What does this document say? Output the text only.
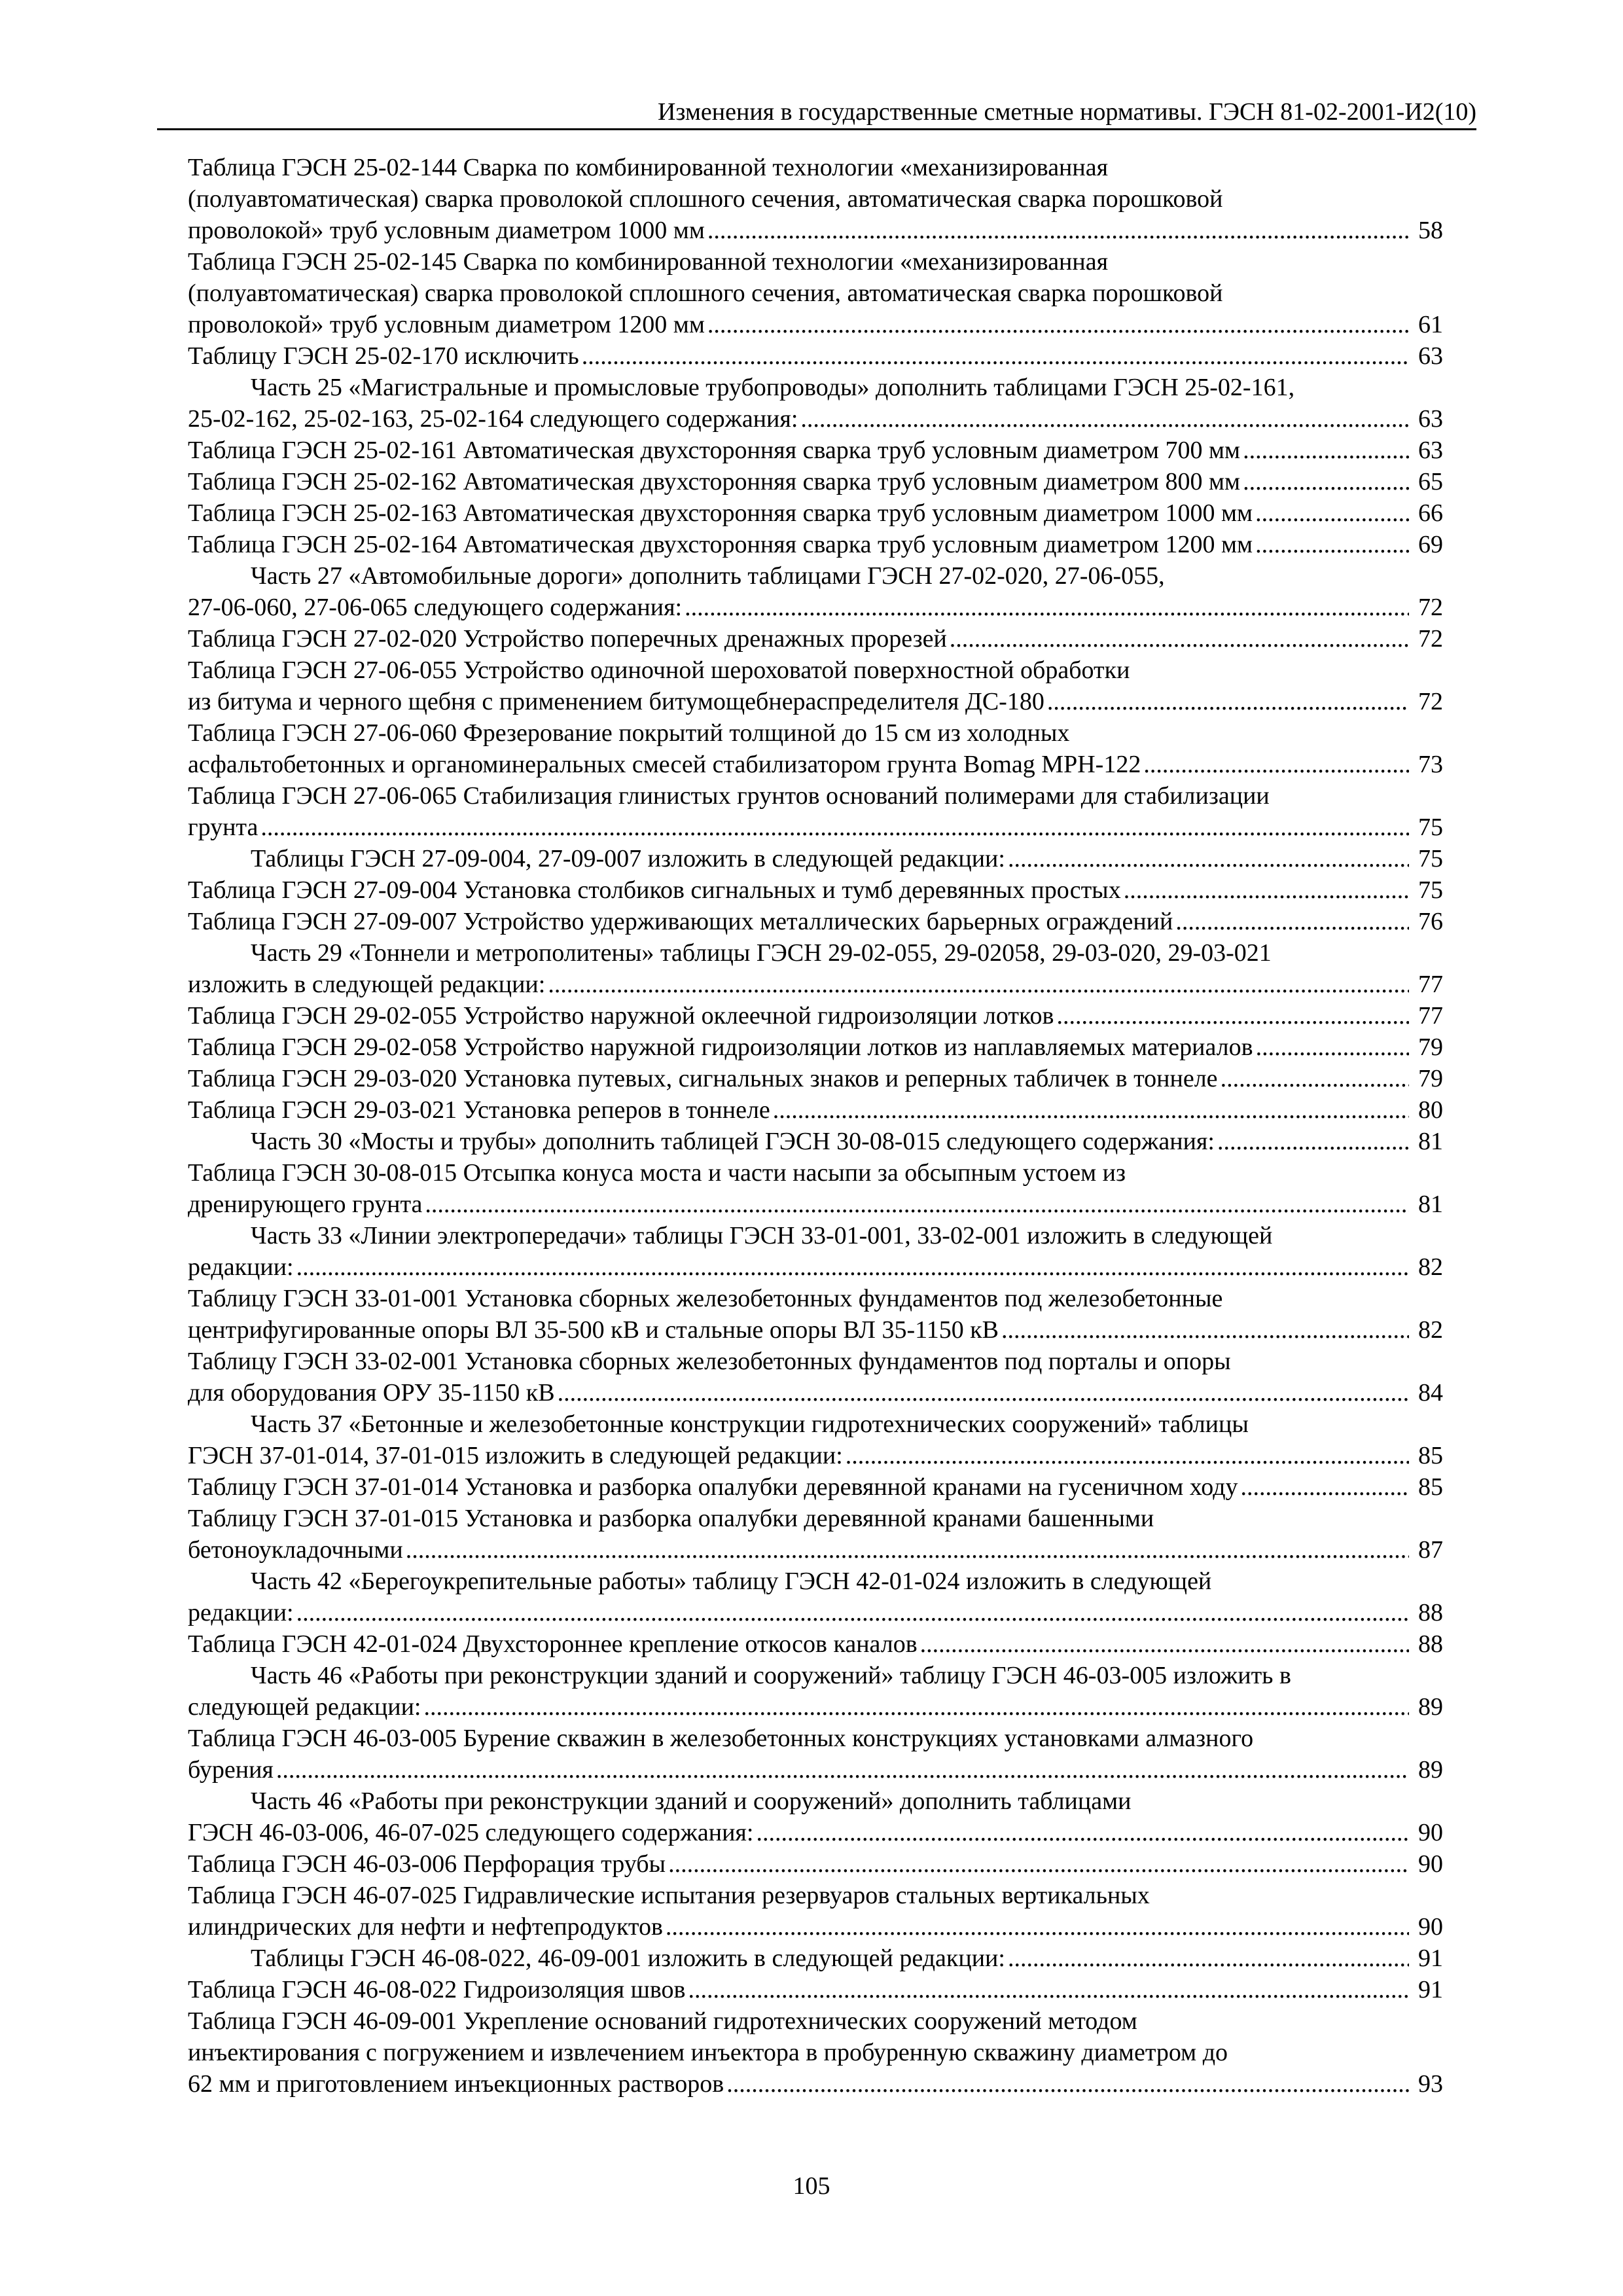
Изменения в государственные сметные нормативы. ГЭСН 81-02-2001-И2(10)
Таблица ГЭСН 25-02-144 Сварка по комбинированной технологии «механизированная
(полуавтоматическая) сварка проволокой сплошного сечения, автоматическая сварка порошковой
проволокой» труб условным диаметром 1000 мм .....	58
Таблица ГЭСН 25-02-145 Сварка по комбинированной технологии «механизированная
(полуавтоматическая) сварка проволокой сплошного сечения, автоматическая сварка порошковой
проволокой» труб условным диаметром 1200 мм .....	61
Таблицу ГЭСН 25-02-170 исключить .....	63
Часть 25 «Магистральные и промысловые трубопроводы» дополнить таблицами ГЭСН 25-02-161,
25-02-162, 25-02-163, 25-02-164 следующего содержания: .....	63
Таблица ГЭСН 25-02-161 Автоматическая двухсторонняя сварка труб условным диаметром 700 мм .....	63
Таблица ГЭСН 25-02-162 Автоматическая двухсторонняя сварка труб условным диаметром 800 мм .....	65
Таблица ГЭСН 25-02-163 Автоматическая двухсторонняя сварка труб условным диаметром 1000 мм .....	66
Таблица ГЭСН 25-02-164 Автоматическая двухсторонняя сварка труб условным диаметром 1200 мм .....	69
Часть 27 «Автомобильные дороги» дополнить таблицами ГЭСН 27-02-020, 27-06-055,
27-06-060, 27-06-065 следующего содержания: .....	72
Таблица ГЭСН 27-02-020 Устройство поперечных дренажных прорезей .....	72
Таблица ГЭСН 27-06-055 Устройство одиночной шероховатой поверхностной обработки
из битума и черного щебня с применением битумощебнераспределителя ДС-180 .....	72
Таблица ГЭСН 27-06-060 Фрезерование покрытий толщиной до 15 см из холодных
асфальтобетонных и органоминеральных смесей стабилизатором грунта Bomag MPH-122 .....	73
Таблица ГЭСН 27-06-065 Стабилизация глинистых грунтов оснований полимерами для стабилизации
грунта .....	75
Таблицы ГЭСН 27-09-004, 27-09-007 изложить в следующей редакции: .....	75
Таблица ГЭСН 27-09-004 Установка столбиков сигнальных и тумб деревянных простых .....	75
Таблица ГЭСН 27-09-007 Устройство удерживающих металлических барьерных ограждений .....	76
Часть 29 «Тоннели и метрополитены» таблицы ГЭСН 29-02-055, 29-02058, 29-03-020, 29-03-021
изложить в следующей редакции: .....	77
Таблица ГЭСН 29-02-055 Устройство наружной оклеечной гидроизоляции лотков .....	77
Таблица ГЭСН 29-02-058 Устройство наружной гидроизоляции лотков из наплавляемых материалов .....	79
Таблица ГЭСН 29-03-020 Установка путевых, сигнальных знаков и реперных табличек в тоннеле .....	79
Таблица ГЭСН 29-03-021 Установка реперов в тоннеле .....	80
Часть 30 «Мосты и трубы» дополнить таблицей ГЭСН 30-08-015 следующего содержания: .....	81
Таблица ГЭСН 30-08-015 Отсыпка конуса моста и части насыпи за обсыпным устоем из
дренирующего грунта .....	81
Часть 33 «Линии электропередачи» таблицы ГЭСН 33-01-001, 33-02-001 изложить в следующей
редакции: .....	82
Таблицу ГЭСН 33-01-001 Установка сборных железобетонных фундаментов под железобетонные
центрифугированные опоры ВЛ 35-500 кВ и стальные опоры ВЛ 35-1150 кВ .....	82
Таблицу ГЭСН 33-02-001 Установка сборных железобетонных фундаментов под порталы и опоры
для оборудования ОРУ 35-1150 кВ .....	84
Часть 37 «Бетонные и железобетонные конструкции гидротехнических сооружений» таблицы
ГЭСН 37-01-014, 37-01-015 изложить в следующей редакции: .....	85
Таблицу ГЭСН 37-01-014 Установка и разборка опалубки деревянной кранами на гусеничном ходу .....	85
Таблицу ГЭСН 37-01-015 Установка и разборка опалубки деревянной кранами башенными
бетоноукладочными .....	87
Часть 42 «Берегоукрепительные работы» таблицу ГЭСН 42-01-024 изложить в следующей
редакции: .....	88
Таблица ГЭСН 42-01-024 Двухстороннее крепление откосов каналов .....	88
Часть 46 «Работы при реконструкции зданий и сооружений» таблицу ГЭСН 46-03-005 изложить в
следующей редакции: .....	89
Таблица ГЭСН 46-03-005 Бурение скважин в железобетонных конструкциях установками алмазного
бурения .....	89
Часть 46 «Работы при реконструкции зданий и сооружений» дополнить таблицами
ГЭСН 46-03-006, 46-07-025 следующего содержания: .....	90
Таблица ГЭСН 46-03-006 Перфорация трубы .....	90
Таблица ГЭСН 46-07-025 Гидравлические испытания резервуаров стальных вертикальных
илиндрических для нефти и нефтепродуктов .....	90
Таблицы ГЭСН 46-08-022, 46-09-001 изложить в следующей редакции: .....	91
Таблица ГЭСН 46-08-022 Гидроизоляция швов .....	91
Таблица ГЭСН 46-09-001 Укрепление оснований гидротехнических сооружений методом
инъектирования с погружением и извлечением инъектора в пробуренную скважину диаметром до
62 мм и приготовлением инъекционных растворов .....	93
105
